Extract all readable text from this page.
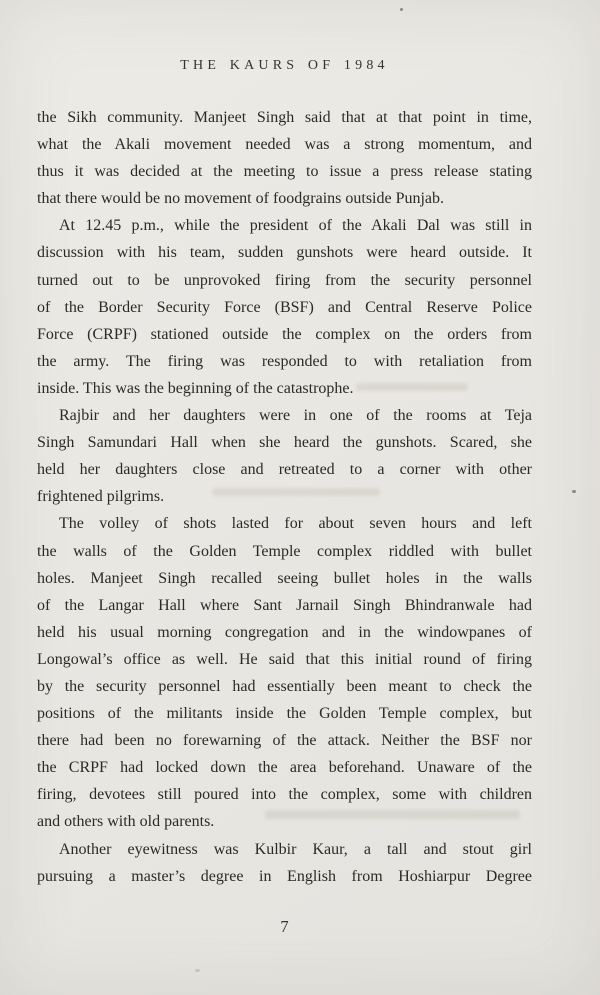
THE KAURS OF 1984
the Sikh community. Manjeet Singh said that at that point in time,
what the Akali movement needed was a strong momentum, and
thus it was decided at the meeting to issue a press release stating
that there would be no movement of foodgrains outside Punjab.
At 12.45 p.m., while the president of the Akali Dal was still in
discussion with his team, sudden gunshots were heard outside. It
turned out to be unprovoked firing from the security personnel
of the Border Security Force (BSF) and Central Reserve Police
Force (CRPF) stationed outside the complex on the orders from
the army. The firing was responded to with retaliation from
inside. This was the beginning of the catastrophe.
Rajbir and her daughters were in one of the rooms at Teja
Singh Samundari Hall when she heard the gunshots. Scared, she
held her daughters close and retreated to a corner with other
frightened pilgrims.
The volley of shots lasted for about seven hours and left
the walls of the Golden Temple complex riddled with bullet
holes. Manjeet Singh recalled seeing bullet holes in the walls
of the Langar Hall where Sant Jarnail Singh Bhindranwale had
held his usual morning congregation and in the windowpanes of
Longowal’s office as well. He said that this initial round of firing
by the security personnel had essentially been meant to check the
positions of the militants inside the Golden Temple complex, but
there had been no forewarning of the attack. Neither the BSF nor
the CRPF had locked down the area beforehand. Unaware of the
firing, devotees still poured into the complex, some with children
and others with old parents.
Another eyewitness was Kulbir Kaur, a tall and stout girl
pursuing a master’s degree in English from Hoshiarpur Degree
7
